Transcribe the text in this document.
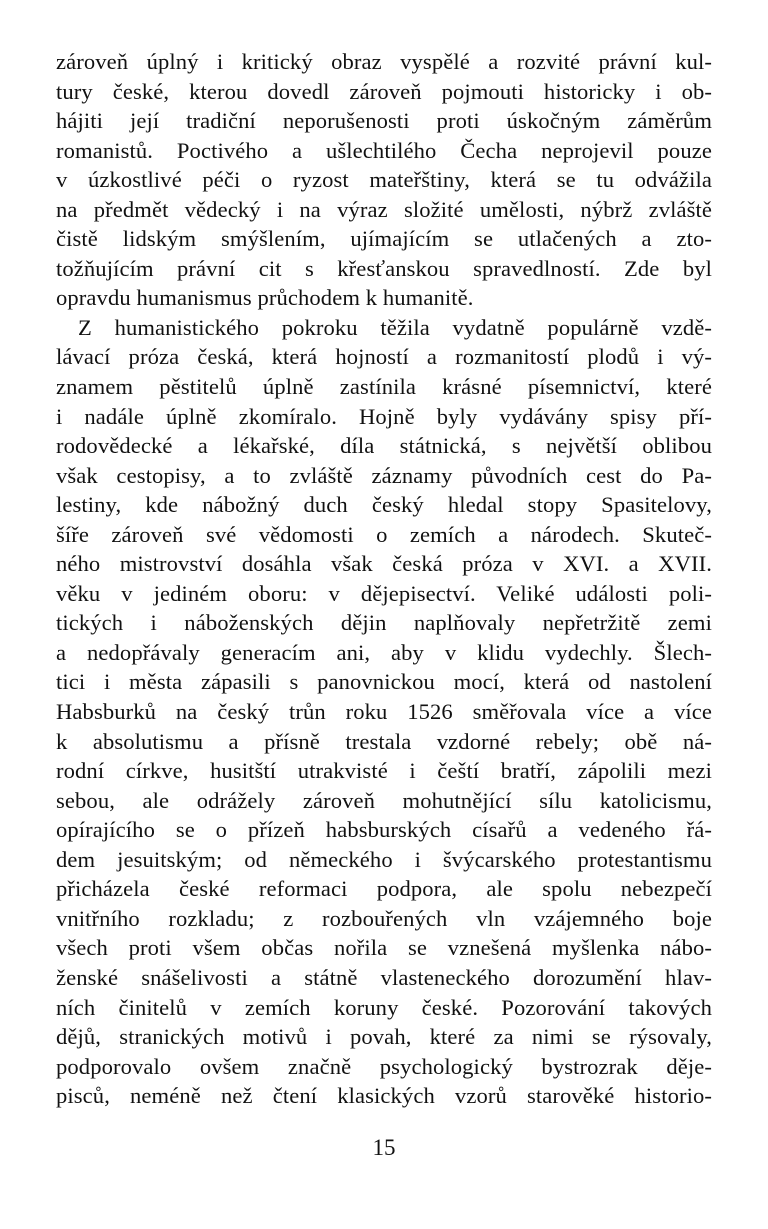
zároveň úplný i kritický obraz vyspělé a rozvité právní kul-
tury české, kterou dovedl zároveň pojmouti historicky i ob-
hájiti její tradiční neporušenosti proti úskočným záměrům
romanistů. Poctivého a ušlechtilého Čecha neprojevil pouze
v úzkostlivé péči o ryzost mateřštiny, která se tu odvážila
na předmět vědecký i na výraz složité umělosti, nýbrž zvláště
čistě lidským smýšlením, ujímajícím se utlačených a zto-
tožňujícím právní cit s křesťanskou spravedlností. Zde byl
opravdu humanismus průchodem k humanitě.
Z humanistického pokroku těžila vydatně populárně vzdě-
lávací próza česká, která hojností a rozmanitostí plodů i vý-
znamem pěstitelů úplně zastínila krásné písemnictví, které
i nadále úplně zkomíralo. Hojně byly vydávány spisy pří-
rodovědecké a lékařské, díla státnická, s největší oblibou
však cestopisy, a to zvláště záznamy původních cest do Pa-
lestiny, kde nábožný duch český hledal stopy Spasitelovy,
šíře zároveň své vědomosti o zemích a národech. Skuteč-
ného mistrovství dosáhla však česká próza v XVI. a XVII.
věku v jediném oboru: v dějepisectví. Veliké události poli-
tických i náboženských dějin naplňovaly nepřetržitě zemi
a nedopřávaly generacím ani, aby v klidu vydechly. Šlech-
tici i města zápasili s panovnickou mocí, která od nastolení
Habsburků na český trůn roku 1526 směřovala více a více
k absolutismu a přísně trestala vzdorné rebely; obě ná-
rodní církve, husitští utrakvisté i čeští bratří, zápolili mezi
sebou, ale odrážely zároveň mohutnějící sílu katolicismu,
opírajícího se o přízeň habsburských císařů a vedeného řá-
dem jesuitským; od německého i švýcarského protestantismu
přicházela české reformaci podpora, ale spolu nebezpečí
vnitřního rozkladu; z rozbouřených vln vzájemného boje
všech proti všem občas nořila se vznešená myšlenka nábo-
ženské snášelivosti a státně vlasteneckého dorozumění hlav-
ních činitelů v zemích koruny české. Pozorování takových
dějů, stranických motivů i povah, které za nimi se rýsovaly,
podporovalo ovšem značně psychologický bystrozrak děje-
pisců, neméně než čtení klasických vzorů starověké historio-
15
